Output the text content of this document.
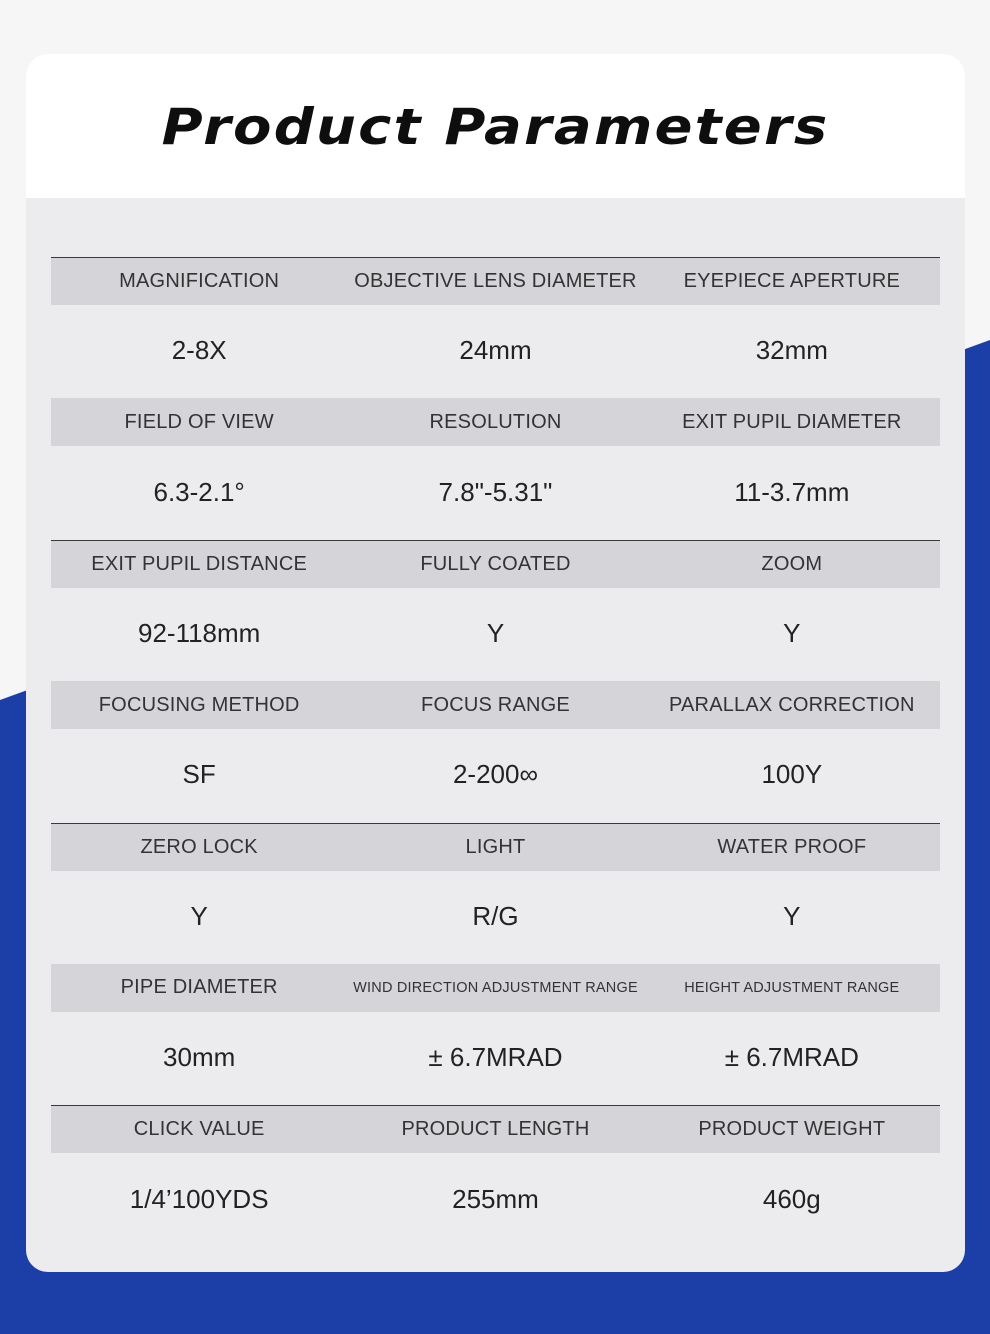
Product Parameters
MAGNIFICATION	OBJECTIVE LENS DIAMETER	EYEPIECE APERTURE
2-8X	24mm	32mm
FIELD OF VIEW	RESOLUTION	EXIT PUPIL DIAMETER
6.3-2.1°	7.8"-5.31"	11-3.7mm
EXIT PUPIL DISTANCE	FULLY COATED	ZOOM
92-118mm	Y	Y
FOCUSING METHOD	FOCUS RANGE	PARALLAX CORRECTION
SF	2-200∞	100Y
ZERO LOCK	LIGHT	WATER PROOF
Y	R/G	Y
PIPE DIAMETER	WIND DIRECTION ADJUSTMENT RANGE	HEIGHT ADJUSTMENT RANGE
30mm	± 6.7MRAD	± 6.7MRAD
CLICK VALUE	PRODUCT LENGTH	PRODUCT WEIGHT
1/4’100YDS	255mm	460g
